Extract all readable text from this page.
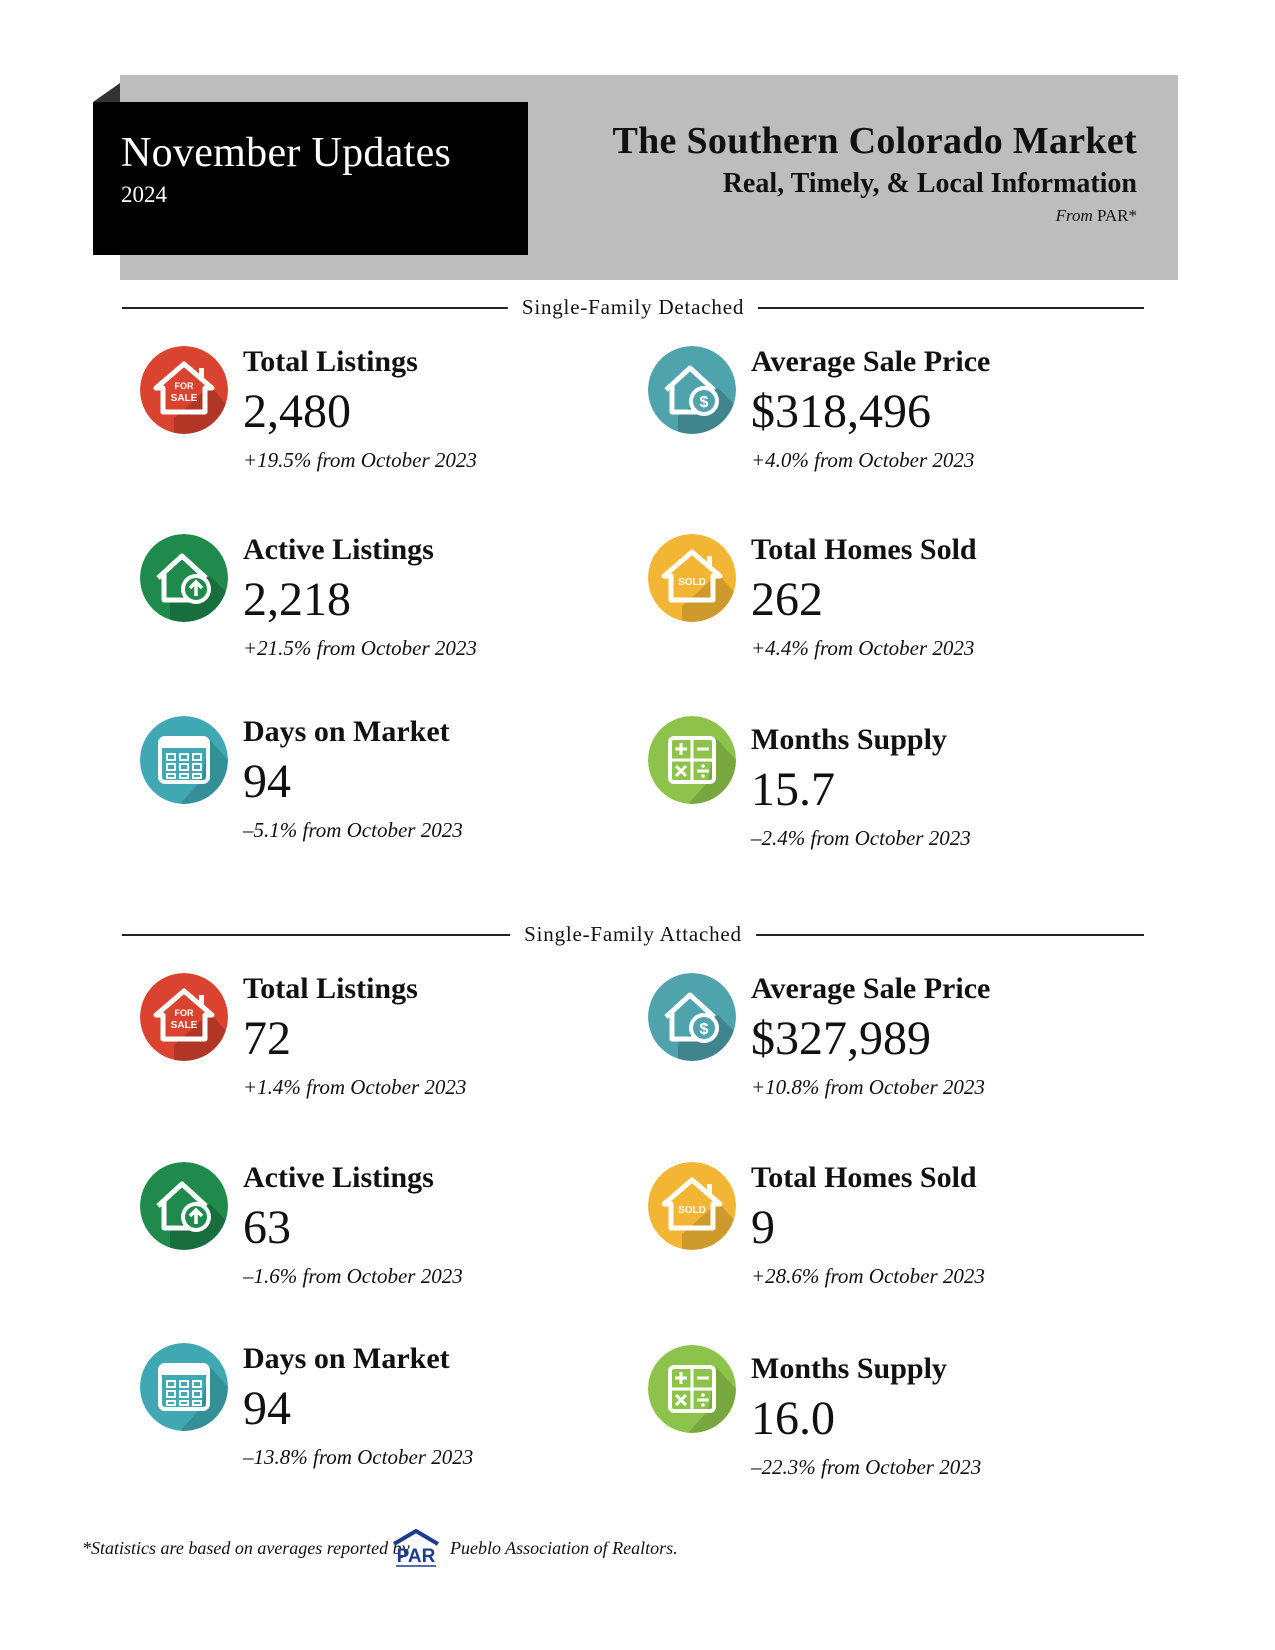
November Updates
2024
The Southern Colorado Market
Real, Timely, & Local Information
From PAR*
Single-Family Detached
FOR
SALE
Total Listings
2,480
+19.5% from October 2023
$
Average Sale Price
$318,496
+4.0% from October 2023
Active Listings
2,218
+21.5% from October 2023
SOLD
Total Homes Sold
262
+4.4% from October 2023
Days on Market
94
–5.1% from October 2023
Months Supply
15.7
–2.4% from October 2023
Single-Family Attached
FOR
SALE
Total Listings
72
+1.4% from October 2023
$
Average Sale Price
$327,989
+10.8% from October 2023
Active Listings
63
–1.6% from October 2023
SOLD
Total Homes Sold
9
+28.6% from October 2023
Days on Market
94
–13.8% from October 2023
Months Supply
16.0
–22.3% from October 2023
*Statistics are based on averages reported by
PAR Pueblo Association of Realtors.
